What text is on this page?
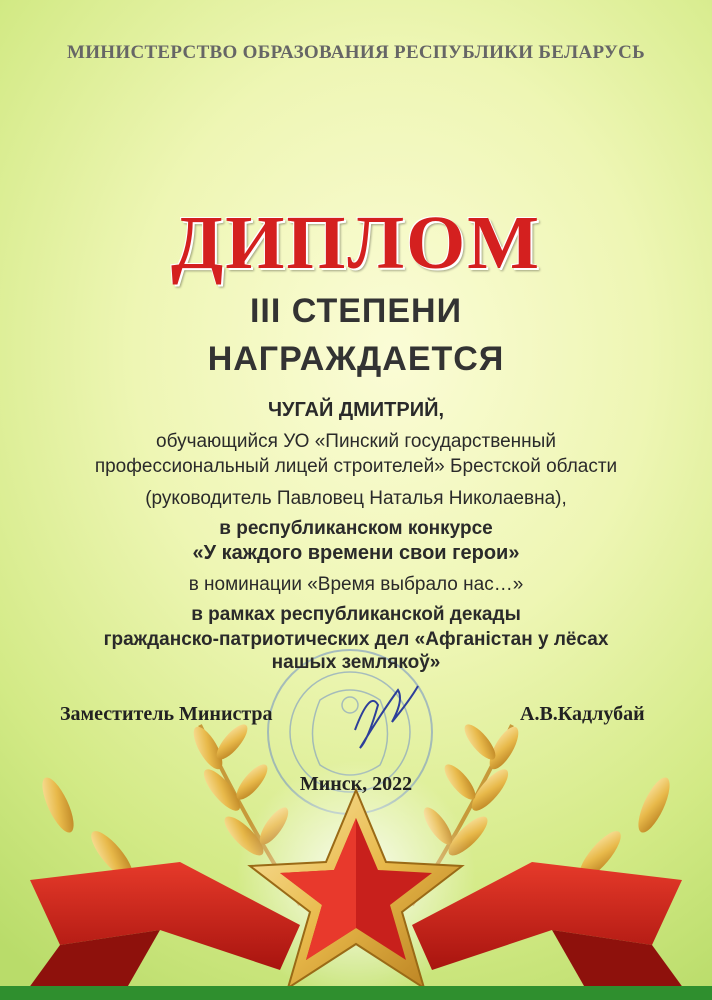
МИНИСТЕРСТВО ОБРАЗОВАНИЯ РЕСПУБЛИКИ БЕЛАРУСЬ
ДИПЛОМ
III СТЕПЕНИ
НАГРАЖДАЕТСЯ
ЧУГАЙ ДМИТРИЙ,
обучающийся УО «Пинский государственный
профессиональный лицей строителей» Брестской области
(руководитель Павловец Наталья Николаевна),
в республиканском конкурсе
«У каждого времени свои герои»
в номинации «Время выбрало нас…»
в рамках республиканской декады
гражданско-патриотических дел «Афганістан у лёсах
нашых землякоў»
Заместитель Министра	А.В.Кадлубай
Минск, 2022
